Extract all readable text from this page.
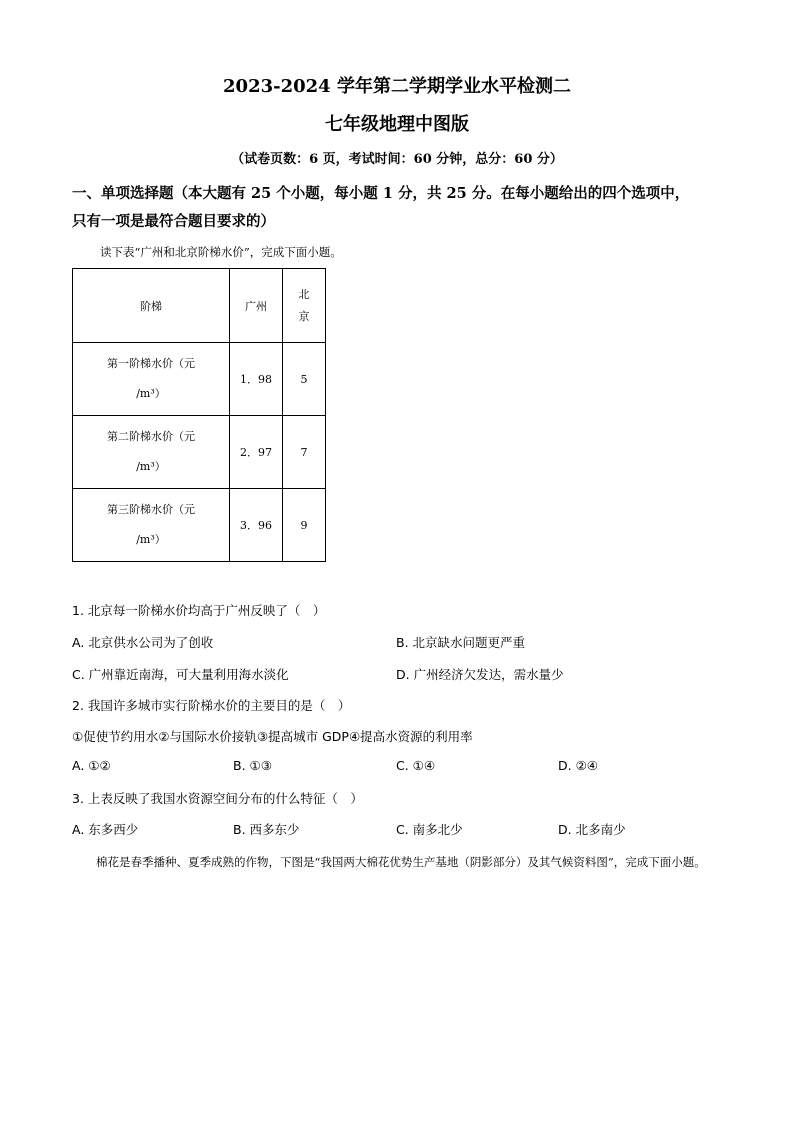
2023-2024 学年第二学期学业水平检测二
七年级地理中图版
（试卷页数：6 页，考试时间：60 分钟，总分：60 分）
一、单项选择题（本大题有 25 个小题，每小题 1 分，共 25 分。在每小题给出的四个选项中，
只有一项是最符合题目要求的）
读下表“广州和北京阶梯水价”，完成下面小题。
阶梯	广州	北
京

第一阶梯水价（元
/m³）	1．98	5

第二阶梯水价（元
/m³）	2．97	7

第三阶梯水价（元
/m³）	3．96	9
1. 北京每一阶梯水价均高于广州反映了（　）
A. 北京供水公司为了创收	B. 北京缺水问题更严重
C. 广州靠近南海，可大量利用海水淡化	D. 广州经济欠发达，需水量少
2. 我国许多城市实行阶梯水价的主要目的是（　）
①促使节约用水②与国际水价接轨③提高城市 GDP④提高水资源的利用率
A. ①②	B. ①③	C. ①④	D. ②④
3. 上表反映了我国水资源空间分布的什么特征（　）
A. 东多西少	B. 西多东少	C. 南多北少	D. 北多南少
棉花是春季播种、夏季成熟的作物，下图是“我国两大棉花优势生产基地（阴影部分）及其气候资料图”，完成下面小题。
